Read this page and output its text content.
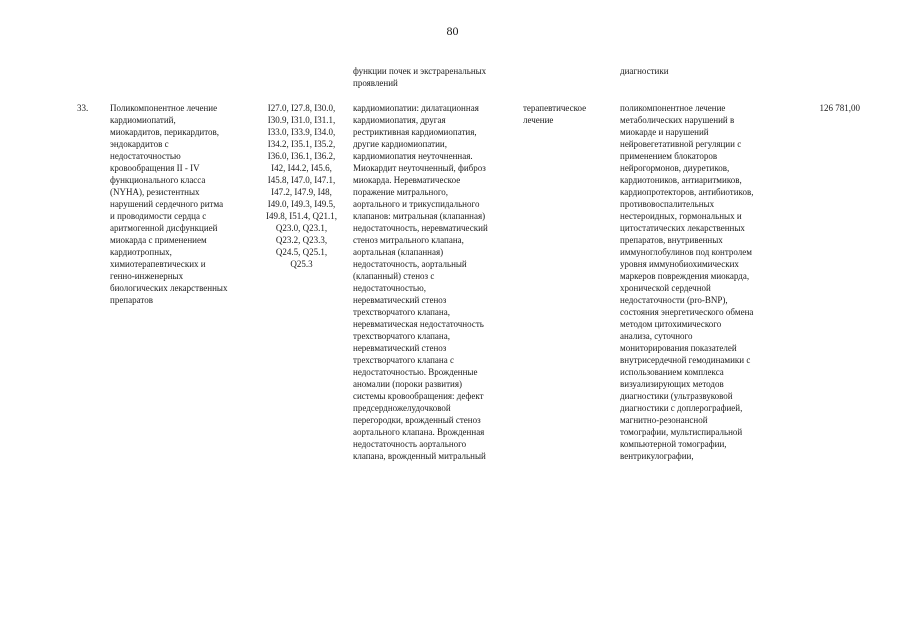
80
функции почек и экстраренальных
проявлений
диагностики
33. Поликомпонентное лечение
кардиомиопатий,
миокардитов, перикардитов,
эндокардитов с
недостаточностью
кровообращения II - IV
функционального класса
(NYHA), резистентных
нарушений сердечного ритма
и проводимости сердца с
аритмогенной дисфункцией
миокарда с применением
кардиотропных,
химиотерапевтических и
генно-инженерных
биологических лекарственных
препаратов
I27.0, I27.8, I30.0,
I30.9, I31.0, I31.1,
I33.0, I33.9, I34.0,
I34.2, I35.1, I35.2,
I36.0, I36.1, I36.2,
I42, I44.2, I45.6,
I45.8, I47.0, I47.1,
I47.2, I47.9, I48,
I49.0, I49.3, I49.5,
I49.8, I51.4, Q21.1,
Q23.0, Q23.1,
Q23.2, Q23.3,
Q24.5, Q25.1,
Q25.3
кардиомиопатии: дилатационная
кардиомиопатия, другая
рестриктивная кардиомиопатия,
другие кардиомиопатии,
кардиомиопатия неуточненная.
Миокардит неуточненный, фиброз
миокарда. Неревматическое
поражение митрального,
аортального и трикуспидального
клапанов: митральная (клапанная)
недостаточность, неревматический
стеноз митрального клапана,
аортальная (клапанная)
недостаточность, аортальный
(клапанный) стеноз с
недостаточностью,
неревматический стеноз
трехстворчатого клапана,
неревматическая недостаточность
трехстворчатого клапана,
неревматический стеноз
трехстворчатого клапана с
недостаточностью. Врожденные
аномалии (пороки развития)
системы кровообращения: дефект
предсердножелудочковой
перегородки, врожденный стеноз
аортального клапана. Врожденная
недостаточность аортального
клапана, врожденный митральный
терапевтическое
лечение
поликомпонентное лечение
метаболических нарушений в
миокарде и нарушений
нейровегетативной регуляции с
применением блокаторов
нейрогормонов, диуретиков,
кардиотоников, антиаритмиков,
кардиопротекторов, антибиотиков,
противовоспалительных
нестероидных, гормональных и
цитостатических лекарственных
препаратов, внутривенных
иммуноглобулинов под контролем
уровня иммунобиохимических
маркеров повреждения миокарда,
хронической сердечной
недостаточности (pro-BNP),
состояния энергетического обмена
методом цитохимического
анализа, суточного
мониторирования показателей
внутрисердечной гемодинамики с
использованием комплекса
визуализирующих методов
диагностики (ультразвуковой
диагностики с доплерографией,
магнитно-резонансной
томографии, мультиспиральной
компьютерной томографии,
вентрикулографии,
126 781,00
